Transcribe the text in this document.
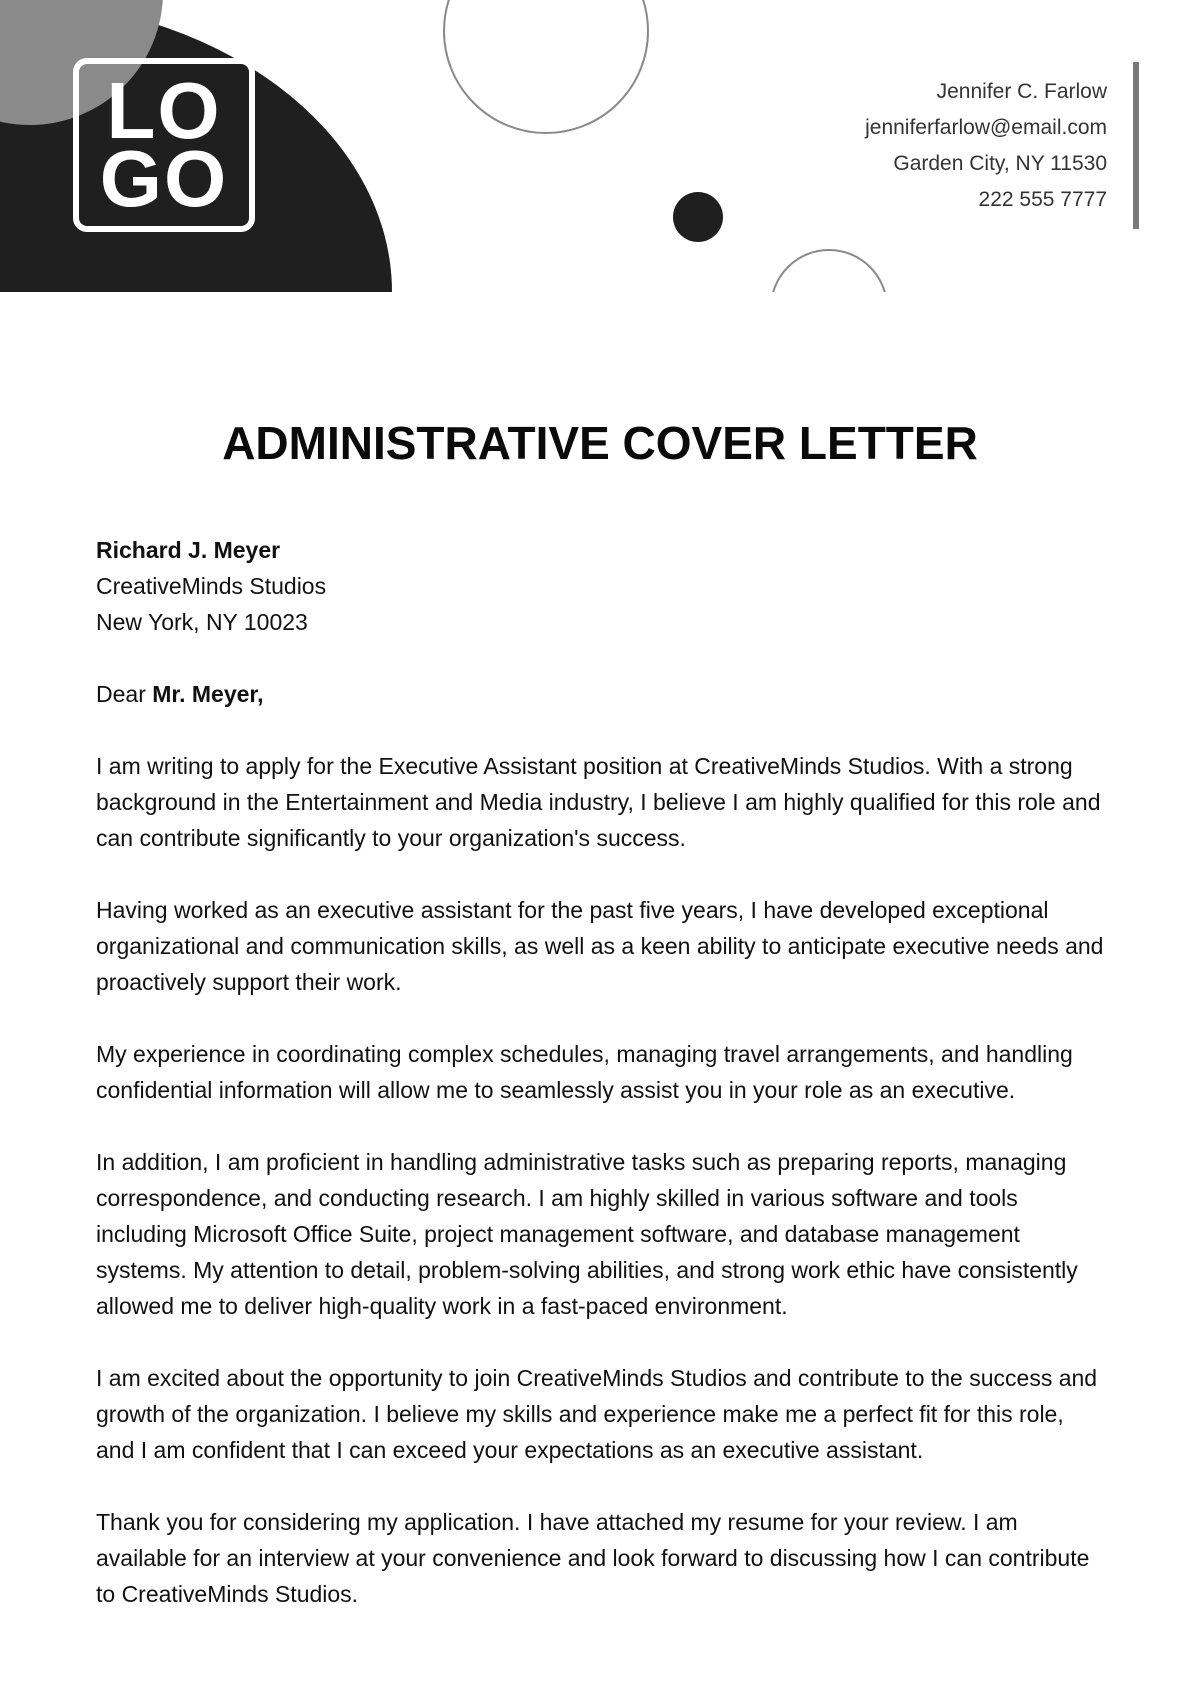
LO
GO
Jennifer C. Farlow
jenniferfarlow@email.com
Garden City, NY 11530
222 555 7777
ADMINISTRATIVE COVER LETTER
Richard J. Meyer
CreativeMinds Studios
New York, NY 10023
Dear Mr. Meyer,

I am writing to apply for the Executive Assistant position at CreativeMinds Studios. With a strong background in the Entertainment and Media industry, I believe I am highly qualified for this role and can contribute significantly to your organization's success.

Having worked as an executive assistant for the past five years, I have developed exceptional organizational and communication skills, as well as a keen ability to anticipate executive needs and proactively support their work.

My experience in coordinating complex schedules, managing travel arrangements, and handling confidential information will allow me to seamlessly assist you in your role as an executive.

In addition, I am proficient in handling administrative tasks such as preparing reports, managing correspondence, and conducting research. I am highly skilled in various software and tools including Microsoft Office Suite, project management software, and database management systems. My attention to detail, problem-solving abilities, and strong work ethic have consistently allowed me to deliver high-quality work in a fast-paced environment.

I am excited about the opportunity to join CreativeMinds Studios and contribute to the success and growth of the organization. I believe my skills and experience make me a perfect fit for this role, and I am confident that I can exceed your expectations as an executive assistant.

Thank you for considering my application. I have attached my resume for your review. I am available for an interview at your convenience and look forward to discussing how I can contribute to CreativeMinds Studios.
